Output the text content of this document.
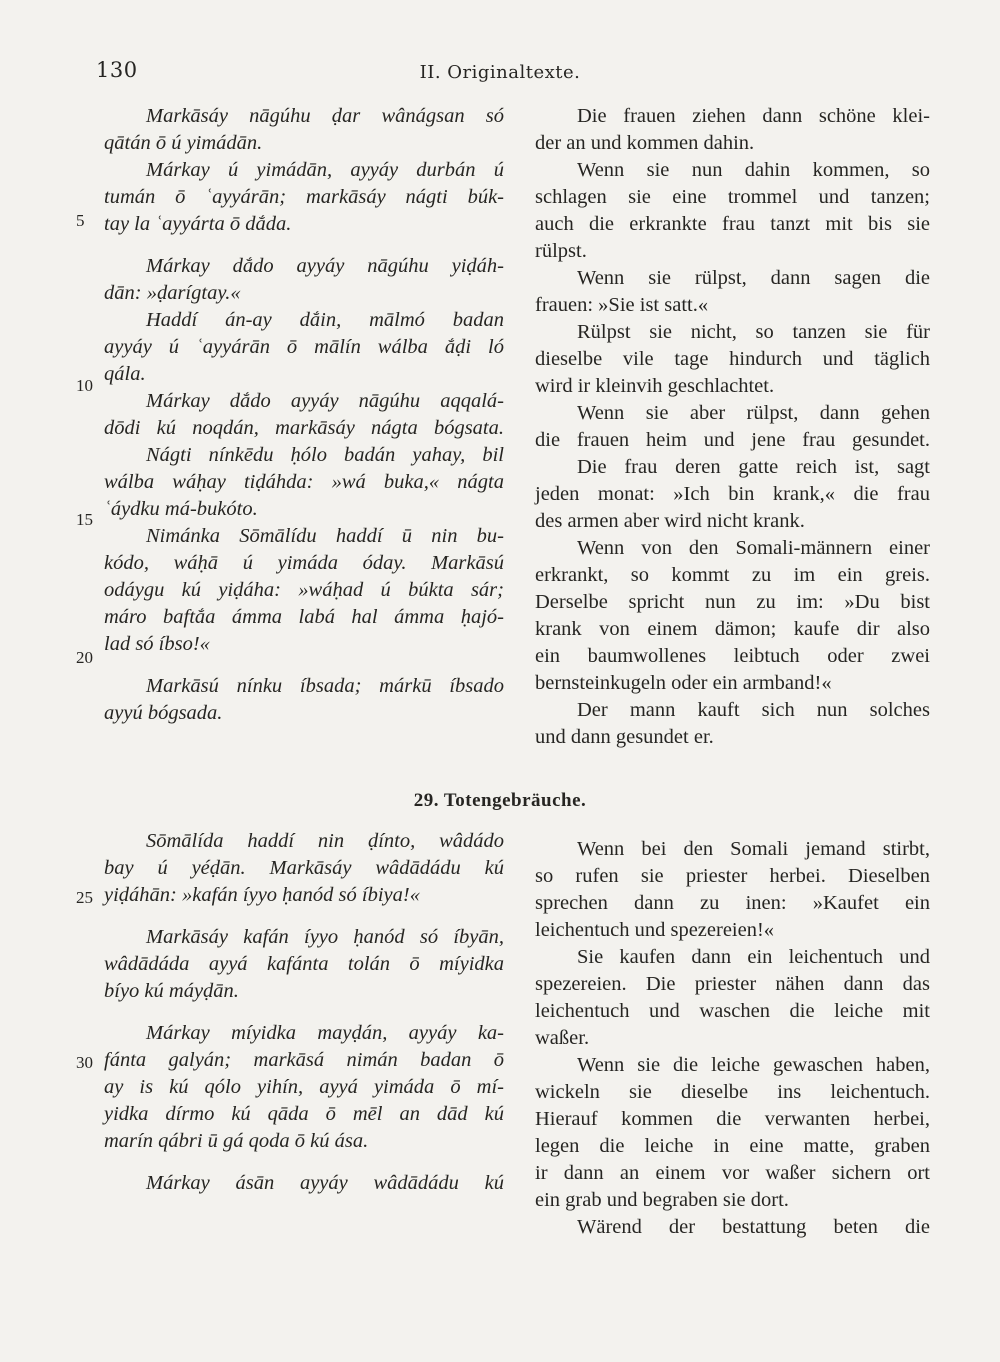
130	II. Originaltexte.
Markāsáy nāgúhu ḍar wânágsan só
qātán ō ú yimádān.
Márkay ú yimádān, ayyáy durbán ú
tumán ō ʿayyárān; markāsáy nágti búk-
tay la ʿayyárta ō dắda.
Márkay dắdo ayyáy nāgúhu yiḍáh-
dān: »ḍarígtay.«
Haddí án-ay dắin, mālmó badan
ayyáy ú ʿayyárān ō mālín wálba ắḍi ló
qála.
Márkay dắdo ayyáy nāgúhu aqqalá-
dōdi kú noqdán, markāsáy nágta bógsata.
Nágti nínkēdu ḥólo badán yahay, bil
wálba wáḥay tiḍáhda: »wá buka,« nágta
ʿáydku má-bukóto.
Nimánka Sōmālídu haddí ū nin bu-
kódo, wáḥā ú yimáda óday. Markāsú
odáygu kú yiḍáha: »wáḥad ú búkta sár;
máro baftắa ámma labá hal ámma ḥajó-
lad só íbso!«
Markāsú nínku íbsada; márkū íbsado
ayyú bógsada.
Die frauen ziehen dann schöne klei-
der an und kommen dahin.
Wenn sie nun dahin kommen, so
schlagen sie eine trommel und tanzen;
auch die erkrankte frau tanzt mit bis sie
rülpst.
Wenn sie rülpst, dann sagen die
frauen: »Sie ist satt.«
Rülpst sie nicht, so tanzen sie für
dieselbe vile tage hindurch und täglich
wird ir kleinvih geschlachtet.
Wenn sie aber rülpst, dann gehen
die frauen heim und jene frau gesundet.
Die frau deren gatte reich ist, sagt
jeden monat: »Ich bin krank,« die frau
des armen aber wird nicht krank.
Wenn von den Somali-männern einer
erkrankt, so kommt zu im ein greis.
Derselbe spricht nun zu im: »Du bist
krank von einem dämon; kaufe dir also
ein baumwollenes leibtuch oder zwei
bernsteinkugeln oder ein armband!«
Der mann kauft sich nun solches
und dann gesundet er.
29. Totengebräuche.
Sōmālída haddí nin ḍínto, wâdádo
bay ú yéḍān. Markāsáy wâdādádu kú
yiḍáhān: »kafán íyyo ḥanód só íbiya!«
Markāsáy kafán íyyo ḥanód só íbyān,
wâdādáda ayyá kafánta tolán ō míyidka
bíyo kú máyḍān.
Márkay míyidka mayḍán, ayyáy ka-
fánta galyán; markāsá nimán badan ō
ay is kú qólo yihín, ayyá yimáda ō mí-
yidka dírmo kú qāda ō mēl an dād kú
marín qábri ū gá qoda ō kú ása.
Márkay ásān ayyáy wâdādádu kú
Wenn bei den Somali jemand stirbt,
so rufen sie priester herbei. Dieselben
sprechen dann zu inen: »Kaufet ein
leichentuch und spezereien!«
Sie kaufen dann ein leichentuch und
spezereien. Die priester nähen dann das
leichentuch und waschen die leiche mit
waßer.
Wenn sie die leiche gewaschen haben,
wickeln sie dieselbe ins leichentuch.
Hierauf kommen die verwanten herbei,
legen die leiche in eine matte, graben
ir dann an einem vor waßer sichern ort
ein grab und begraben sie dort.
Wärend der bestattung beten die
5
10
15
20
25
30
